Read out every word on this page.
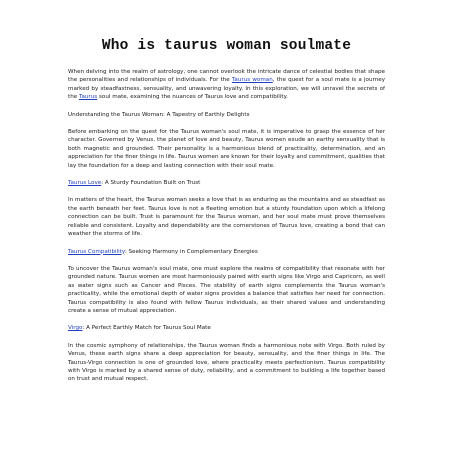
Who is taurus woman soulmate

When delving into the realm of astrology, one cannot overlook the intricate dance of celestial bodies that shape the personalities and relationships of individuals. For the Taurus woman, the quest for a soul mate is a journey marked by steadfastness, sensuality, and unwavering loyalty. In this exploration, we will unravel the secrets of the Taurus soul mate, examining the nuances of Taurus love and compatibility.

Understanding the Taurus Woman: A Tapestry of Earthly Delights

Before embarking on the quest for the Taurus woman's soul mate, it is imperative to grasp the essence of her character. Governed by Venus, the planet of love and beauty, Taurus women exude an earthy sensuality that is both magnetic and grounded. Their personality is a harmonious blend of practicality, determination, and an appreciation for the finer things in life. Taurus women are known for their loyalty and commitment, qualities that lay the foundation for a deep and lasting connection with their soul mate.

Taurus Love: A Sturdy Foundation Built on Trust

In matters of the heart, the Taurus woman seeks a love that is as enduring as the mountains and as steadfast as the earth beneath her feet. Taurus love is not a fleeting emotion but a sturdy foundation upon which a lifelong connection can be built. Trust is paramount for the Taurus woman, and her soul mate must prove themselves reliable and consistent. Loyalty and dependability are the cornerstones of Taurus love, creating a bond that can weather the storms of life.

Taurus Compatibility: Seeking Harmony in Complementary Energies

To uncover the Taurus woman's soul mate, one must explore the realms of compatibility that resonate with her grounded nature. Taurus women are most harmoniously paired with earth signs like Virgo and Capricorn, as well as water signs such as Cancer and Pisces. The stability of earth signs complements the Taurus woman's practicality, while the emotional depth of water signs provides a balance that satisfies her need for connection. Taurus compatibility is also found with fellow Taurus individuals, as their shared values and understanding create a sense of mutual appreciation.

Virgo: A Perfect Earthly Match for Taurus Soul Mate

In the cosmic symphony of relationships, the Taurus woman finds a harmonious note with Virgo. Both ruled by Venus, these earth signs share a deep appreciation for beauty, sensuality, and the finer things in life. The Taurus-Virgo connection is one of grounded love, where practicality meets perfectionism. Taurus compatibility with Virgo is marked by a shared sense of duty, reliability, and a commitment to building a life together based on trust and mutual respect.
